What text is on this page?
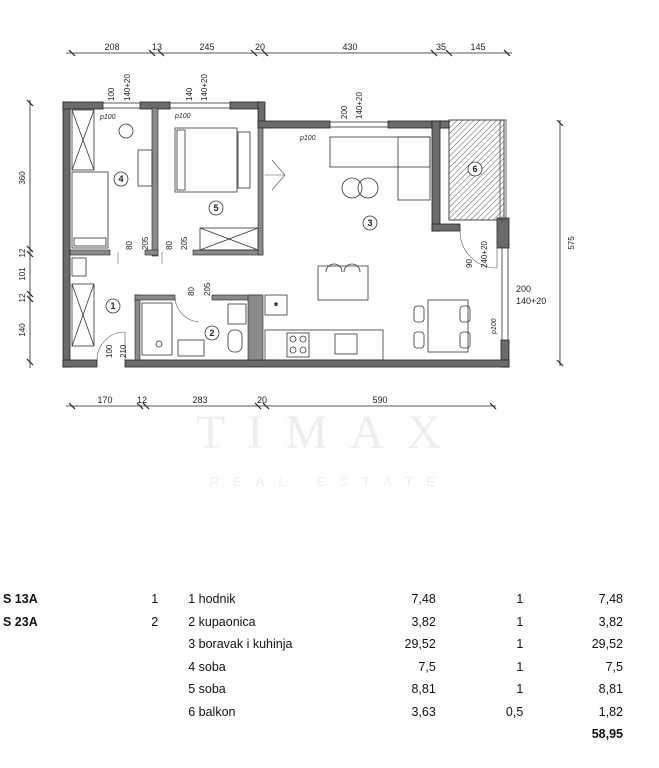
208	13	245	20	430	35	145
360
12
101
12
140
575
170	12	283	20	590
p100
100 140+20
p100
140 140+20
80 205 80 205
100 210
80 205
*
p100
200 140+20
90 240+20
200
140+20
p100
1
2
3
4
5
6
TIMAX
REAL ESTATE
S 13A	1	1 hodnik	7,48	1	7,48
S 23A	2	2 kupaonica	3,82	1	3,82
		3 boravak i kuhinja	29,52	1	29,52
		4 soba	7,5	1	7,5
		5 soba	8,81	1	8,81
		6 balkon	3,63	0,5	1,82
					58,95
